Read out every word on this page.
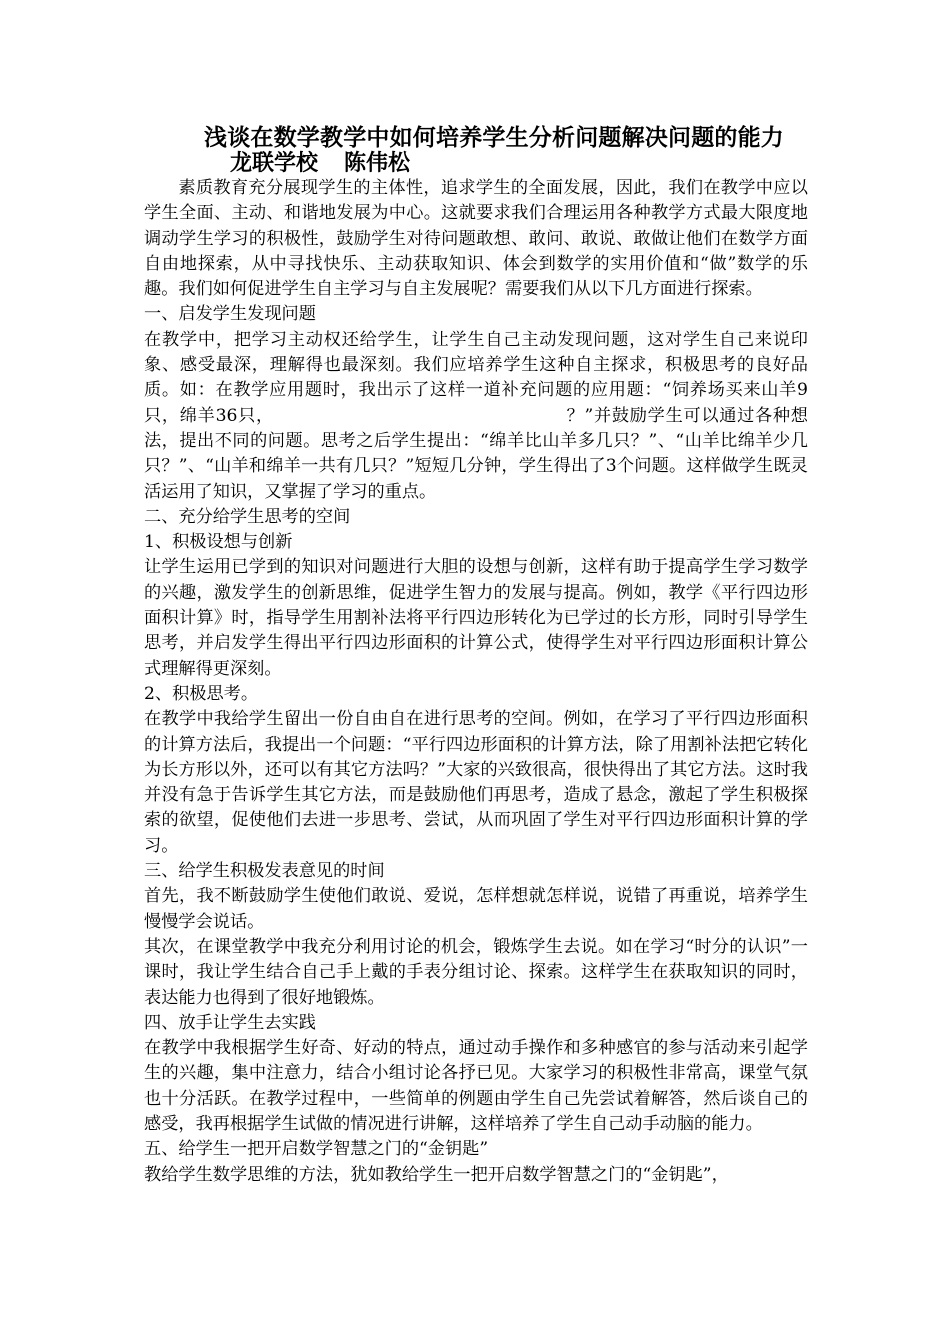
浅谈在数学教学中如何培养学生分析问题解决问题的能力
龙联学校 陈伟松

素质教育充分展现学生的主体性，追求学生的全面发展，因此，我们在教学中应以学生全面、主动、和谐地发展为中心。这就要求我们合理运用各种教学方式最大限度地调动学生学习的积极性，鼓励学生对待问题敢想、敢问、敢说、敢做让他们在数学方面自由地探索，从中寻找快乐、主动获取知识、体会到数学的实用价值和“做”数学的乐趣。我们如何促进学生自主学习与自主发展呢？需要我们从以下几方面进行探索。

一、启发学生发现问题

在教学中，把学习主动权还给学生，让学生自己主动发现问题，这对学生自己来说印象、感受最深，理解得也最深刻。我们应培养学生这种自主探求，积极思考的良好品质。如：在教学应用题时，我出示了这样一道补充问题的应用题：“饲养场买来山羊9只，绵羊36只，	？”并鼓励学生可以通过各种想法，提出不同的问题。思考之后学生提出：“绵羊比山羊多几只？”、“山羊比绵羊少几只？”、“山羊和绵羊一共有几只？”短短几分钟，学生得出了3个问题。这样做学生既灵活运用了知识，又掌握了学习的重点。

二、充分给学生思考的空间

1、积极设想与创新

让学生运用已学到的知识对问题进行大胆的设想与创新，这样有助于提高学生学习数学的兴趣，激发学生的创新思维，促进学生智力的发展与提高。例如，教学《平行四边形面积计算》时，指导学生用割补法将平行四边形转化为已学过的长方形，同时引导学生思考，并启发学生得出平行四边形面积的计算公式，使得学生对平行四边形面积计算公式理解得更深刻。

2、积极思考。

在教学中我给学生留出一份自由自在进行思考的空间。例如，在学习了平行四边形面积的计算方法后，我提出一个问题：“平行四边形面积的计算方法，除了用割补法把它转化为长方形以外，还可以有其它方法吗？”大家的兴致很高，很快得出了其它方法。这时我并没有急于告诉学生其它方法，而是鼓励他们再思考，造成了悬念，激起了学生积极探索的欲望，促使他们去进一步思考、尝试，从而巩固了学生对平行四边形面积计算的学习。

三、给学生积极发表意见的时间

首先，我不断鼓励学生使他们敢说、爱说，怎样想就怎样说，说错了再重说，培养学生慢慢学会说话。

其次，在课堂教学中我充分利用讨论的机会，锻炼学生去说。如在学习“时分的认识”一课时，我让学生结合自己手上戴的手表分组讨论、探索。这样学生在获取知识的同时，表达能力也得到了很好地锻炼。

四、放手让学生去实践

在教学中我根据学生好奇、好动的特点，通过动手操作和多种感官的参与活动来引起学生的兴趣，集中注意力，结合小组讨论各抒已见。大家学习的积极性非常高，课堂气氛也十分活跃。在教学过程中，一些简单的例题由学生自己先尝试着解答，然后谈自己的感受，我再根据学生试做的情况进行讲解，这样培养了学生自己动手动脑的能力。

五、给学生一把开启数学智慧之门的“金钥匙”

教给学生数学思维的方法，犹如教给学生一把开启数学智慧之门的“金钥匙”，
